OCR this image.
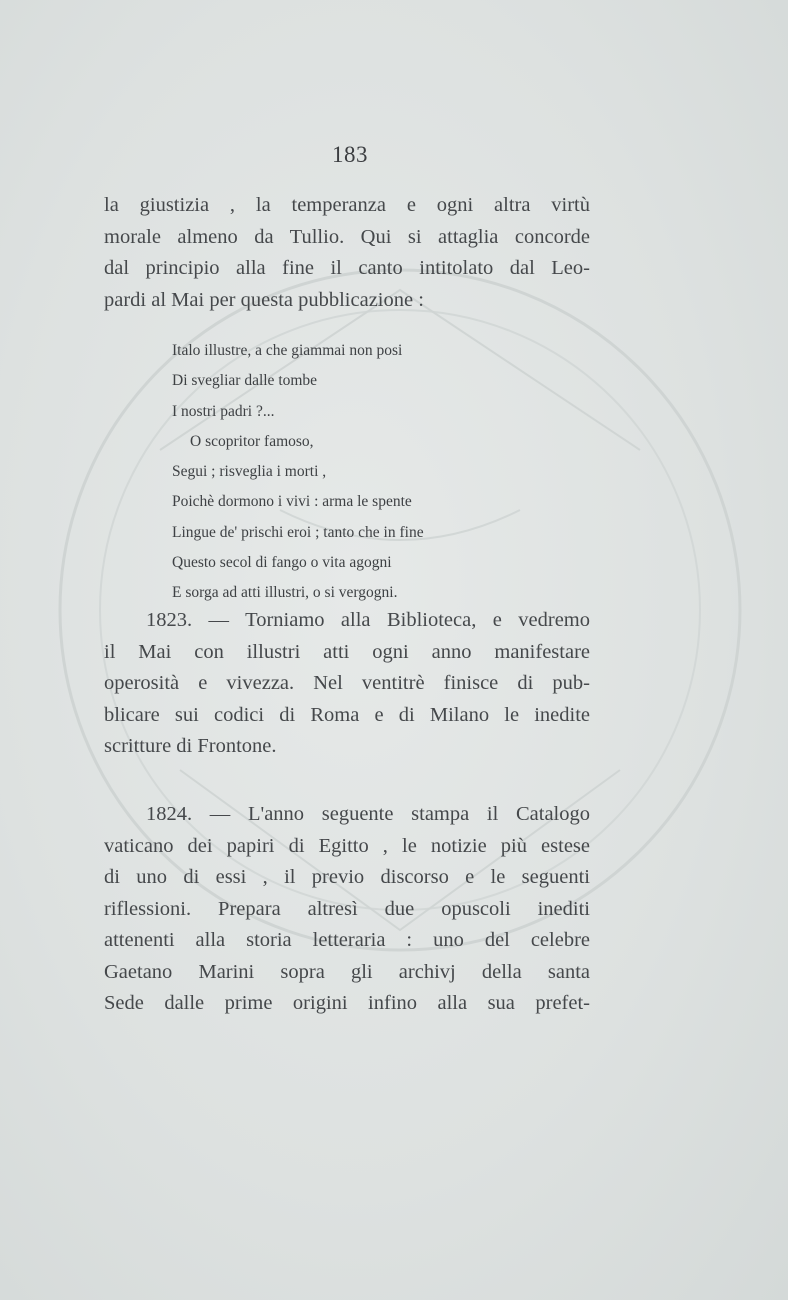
183
la giustizia , la temperanza e ogni altra virtù
morale almeno da Tullio. Qui si attaglia concorde
dal principio alla fine il canto intitolato dal Leo-
pardi al Mai per questa pubblicazione :
Italo illustre, a che giammai non posi
Di svegliar dalle tombe
I nostri padri ?...
O scopritor famoso,
Segui ; risveglia i morti ,
Poichè dormono i vivi : arma le spente
Lingue de' prischi eroi ; tanto che in fine
Questo secol di fango o vita agogni
E sorga ad atti illustri, o si vergogni.
1823. — Torniamo alla Biblioteca, e vedremo
il Mai con illustri atti ogni anno manifestare
operosità e vivezza. Nel ventitrè finisce di pub-
blicare sui codici di Roma e di Milano le inedite
scritture di Frontone.
1824. — L'anno seguente stampa il Catalogo
vaticano dei papiri di Egitto , le notizie più estese
di uno di essi , il previo discorso e le seguenti
riflessioni. Prepara altresì due opuscoli inediti
attenenti alla storia letteraria : uno del celebre
Gaetano Marini sopra gli archivj della santa
Sede dalle prime origini infino alla sua prefet-
